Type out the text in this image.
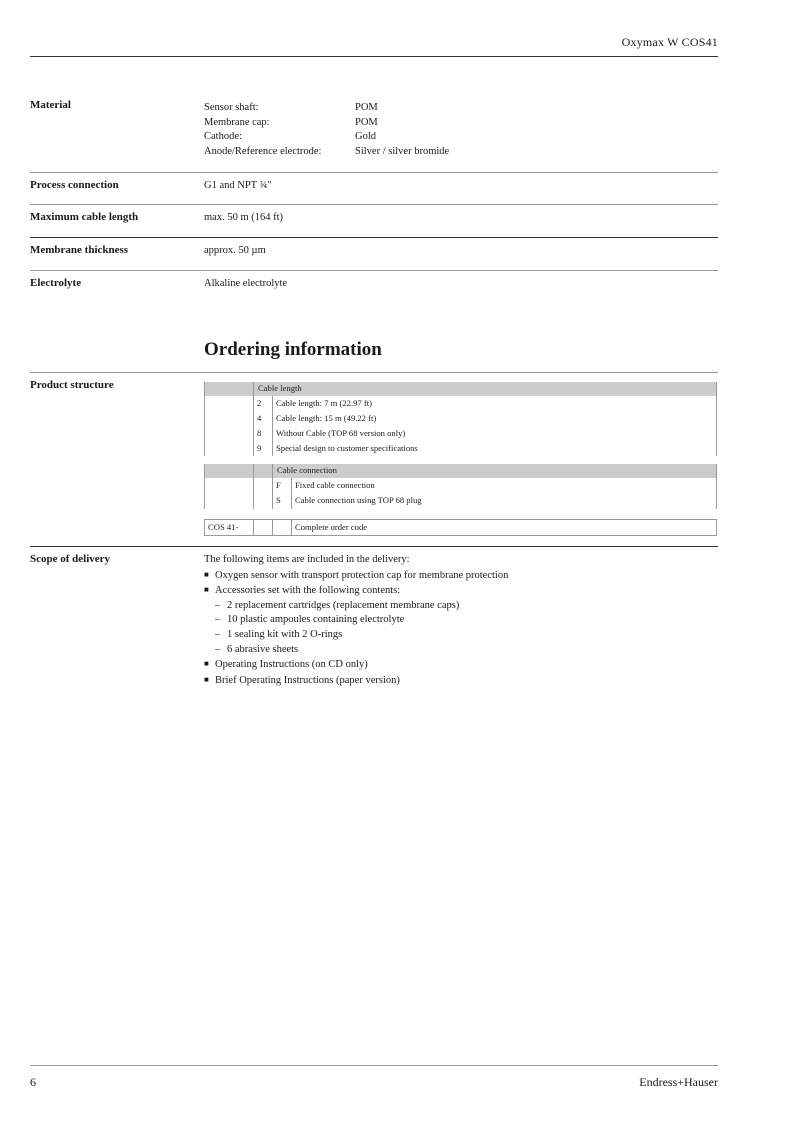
Oxymax W COS41
Material	Sensor shaft:	POM
Membrane cap:	POM
Cathode:	Gold
Anode/Reference electrode:	Silver / silver bromide
Process connection	G1 and NPT ¾"
Maximum cable length	max. 50 m (164 ft)
Membrane thickness	approx. 50 µm
Electrolyte	Alkaline electrolyte
Ordering information
Product structure	Cable length
2 Cable length: 7 m (22.97 ft)
4 Cable length: 15 m (49.22 ft)
8 Without Cable (TOP 68 version only)
9 Special design to customer specifications
Cable connection
F Fixed cable connection
S Cable connection using TOP 68 plug
COS 41-	Complete order code
Scope of delivery	The following items are included in the delivery:
■ Oxygen sensor with transport protection cap for membrane protection
■ Accessories set with the following contents:
– 2 replacement cartridges (replacement membrane caps)
– 10 plastic ampoules containing electrolyte
– 1 sealing kit with 2 O-rings
– 6 abrasive sheets
■ Operating Instructions (on CD only)
■ Brief Operating Instructions (paper version)
6	Endress+Hauser
